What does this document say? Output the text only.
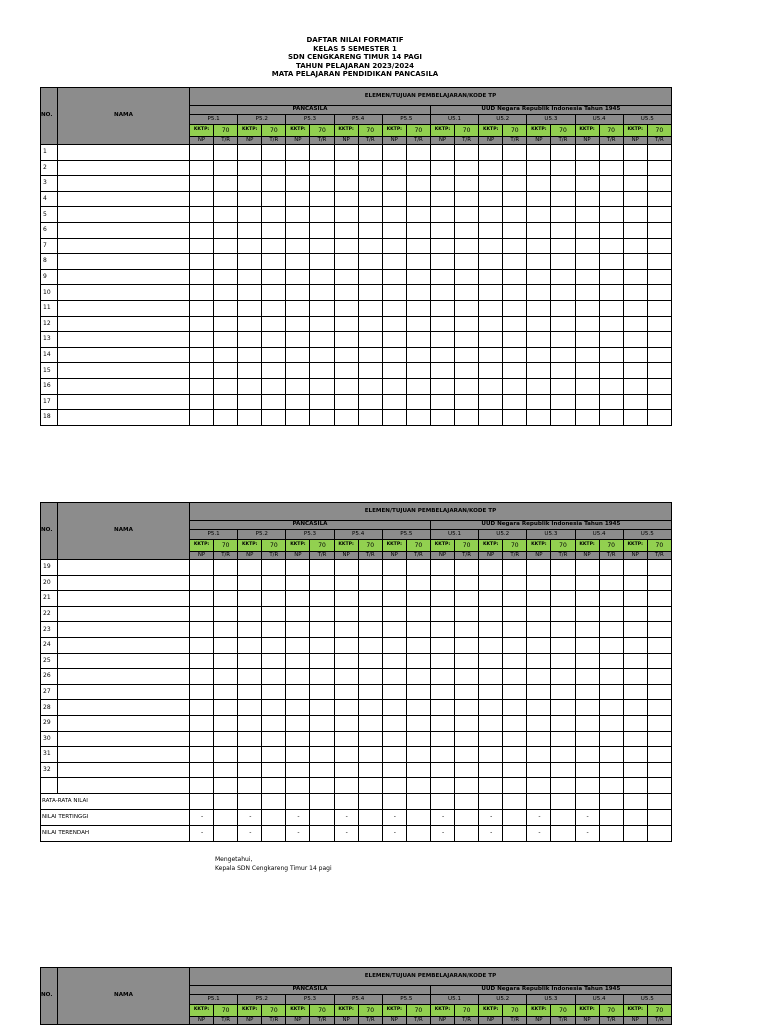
DAFTAR NILAI FORMATIF
KELAS 5 SEMESTER 1
SDN CENGKARENG TIMUR 14 PAGI
TAHUN PELAJARAN 2023/2024
MATA PELAJARAN PENDIDIKAN PANCASILA
NO.	NAMA	ELEMEN/TUJUAN PEMBELAJARAN/KODE TP																			
		PANCASILA										UUD Negara Republik Indonesia Tahun 1945									
		P5.1		P5.2		P5.3		P5.4		P5.5		U5.1		U5.2		U5.3		U5.4		U5.5	
		KKTP:	70	KKTP:	70	KKTP:	70	KKTP:	70	KKTP:	70	KKTP:	70	KKTP:	70	KKTP:	70	KKTP:	70	KKTP:	70
		NP	T/R	NP	T/R	NP	T/R	NP	T/R	NP	T/R	NP	T/R	NP	T/R	NP	T/R	NP	T/R	NP	T/R
1																					
2																					
3																					
4																					
5																					
6																					
7																					
8																					
9																					
10																					
11																					
12																					
13																					
14																					
15																					
16																					
17																					
18																					
NO.	NAMA	ELEMEN/TUJUAN PEMBELAJARAN/KODE TP																			
		PANCASILA										UUD Negara Republik Indonesia Tahun 1945									
		P5.1		P5.2		P5.3		P5.4		P5.5		U5.1		U5.2		U5.3		U5.4		U5.5	
		KKTP:	70	KKTP:	70	KKTP:	70	KKTP:	70	KKTP:	70	KKTP:	70	KKTP:	70	KKTP:	70	KKTP:	70	KKTP:	70
		NP	T/R	NP	T/R	NP	T/R	NP	T/R	NP	T/R	NP	T/R	NP	T/R	NP	T/R	NP	T/R	NP	T/R
19																					
20																					
21																					
22																					
23																					
24																					
25																					
26																					
27																					
28																					
29																					
30																					
31																					
32																					

RATA-RATA NILAI																					
NILAI TERTINGGI		-		-		-		-		-		-		-		-		-			
NILAI TERENDAH		-		-		-		-		-		-		-		-		-			
NO.	NAMA	ELEMEN/TUJUAN PEMBELAJARAN/KODE TP																			
		PANCASILA										UUD Negara Republik Indonesia Tahun 1945									
		P5.1		P5.2		P5.3		P5.4		P5.5		U5.1		U5.2		U5.3		U5.4		U5.5	
		KKTP:	70	KKTP:	70	KKTP:	70	KKTP:	70	KKTP:	70	KKTP:	70	KKTP:	70	KKTP:	70	KKTP:	70	KKTP:	70
		NP	T/R	NP	T/R	NP	T/R	NP	T/R	NP	T/R	NP	T/R	NP	T/R	NP	T/R	NP	T/R	NP	T/R
Mengetahui,
Kepala SDN Cengkareng Timur 14 pagi
